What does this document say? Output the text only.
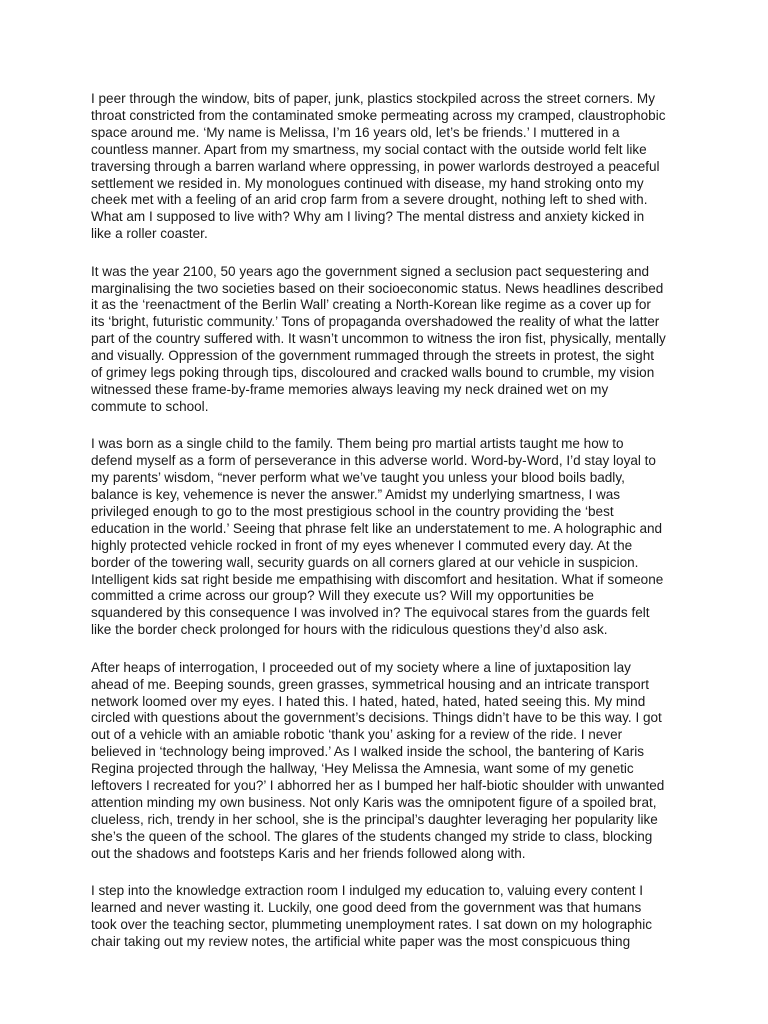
I peer through the window, bits of paper, junk, plastics stockpiled across the street corners. My
throat constricted from the contaminated smoke permeating across my cramped, claustrophobic
space around me. ‘My name is Melissa, I’m 16 years old, let’s be friends.’ I muttered in a
countless manner. Apart from my smartness, my social contact with the outside world felt like
traversing through a barren warland where oppressing, in power warlords destroyed a peaceful
settlement we resided in. My monologues continued with disease, my hand stroking onto my
cheek met with a feeling of an arid crop farm from a severe drought, nothing left to shed with.
What am I supposed to live with? Why am I living? The mental distress and anxiety kicked in
like a roller coaster.

It was the year 2100, 50 years ago the government signed a seclusion pact sequestering and
marginalising the two societies based on their socioeconomic status. News headlines described
it as the ‘reenactment of the Berlin Wall’ creating a North-Korean like regime as a cover up for
its ‘bright, futuristic community.’ Tons of propaganda overshadowed the reality of what the latter
part of the country suffered with. It wasn’t uncommon to witness the iron fist, physically, mentally
and visually. Oppression of the government rummaged through the streets in protest, the sight
of grimey legs poking through tips, discoloured and cracked walls bound to crumble, my vision
witnessed these frame-by-frame memories always leaving my neck drained wet on my
commute to school.

I was born as a single child to the family. Them being pro martial artists taught me how to
defend myself as a form of perseverance in this adverse world. Word-by-Word, I’d stay loyal to
my parents’ wisdom, “never perform what we’ve taught you unless your blood boils badly,
balance is key, vehemence is never the answer.” Amidst my underlying smartness, I was
privileged enough to go to the most prestigious school in the country providing the ‘best
education in the world.’ Seeing that phrase felt like an understatement to me. A holographic and
highly protected vehicle rocked in front of my eyes whenever I commuted every day. At the
border of the towering wall, security guards on all corners glared at our vehicle in suspicion.
Intelligent kids sat right beside me empathising with discomfort and hesitation. What if someone
committed a crime across our group? Will they execute us? Will my opportunities be
squandered by this consequence I was involved in? The equivocal stares from the guards felt
like the border check prolonged for hours with the ridiculous questions they’d also ask.

After heaps of interrogation, I proceeded out of my society where a line of juxtaposition lay
ahead of me. Beeping sounds, green grasses, symmetrical housing and an intricate transport
network loomed over my eyes. I hated this. I hated, hated, hated, hated seeing this. My mind
circled with questions about the government’s decisions. Things didn’t have to be this way. I got
out of a vehicle with an amiable robotic ‘thank you’ asking for a review of the ride. I never
believed in ‘technology being improved.’ As I walked inside the school, the bantering of Karis
Regina projected through the hallway, ‘Hey Melissa the Amnesia, want some of my genetic
leftovers I recreated for you?’ I abhorred her as I bumped her half-biotic shoulder with unwanted
attention minding my own business. Not only Karis was the omnipotent figure of a spoiled brat,
clueless, rich, trendy in her school, she is the principal’s daughter leveraging her popularity like
she’s the queen of the school. The glares of the students changed my stride to class, blocking
out the shadows and footsteps Karis and her friends followed along with.

I step into the knowledge extraction room I indulged my education to, valuing every content I
learned and never wasting it. Luckily, one good deed from the government was that humans
took over the teaching sector, plummeting unemployment rates. I sat down on my holographic
chair taking out my review notes, the artificial white paper was the most conspicuous thing
